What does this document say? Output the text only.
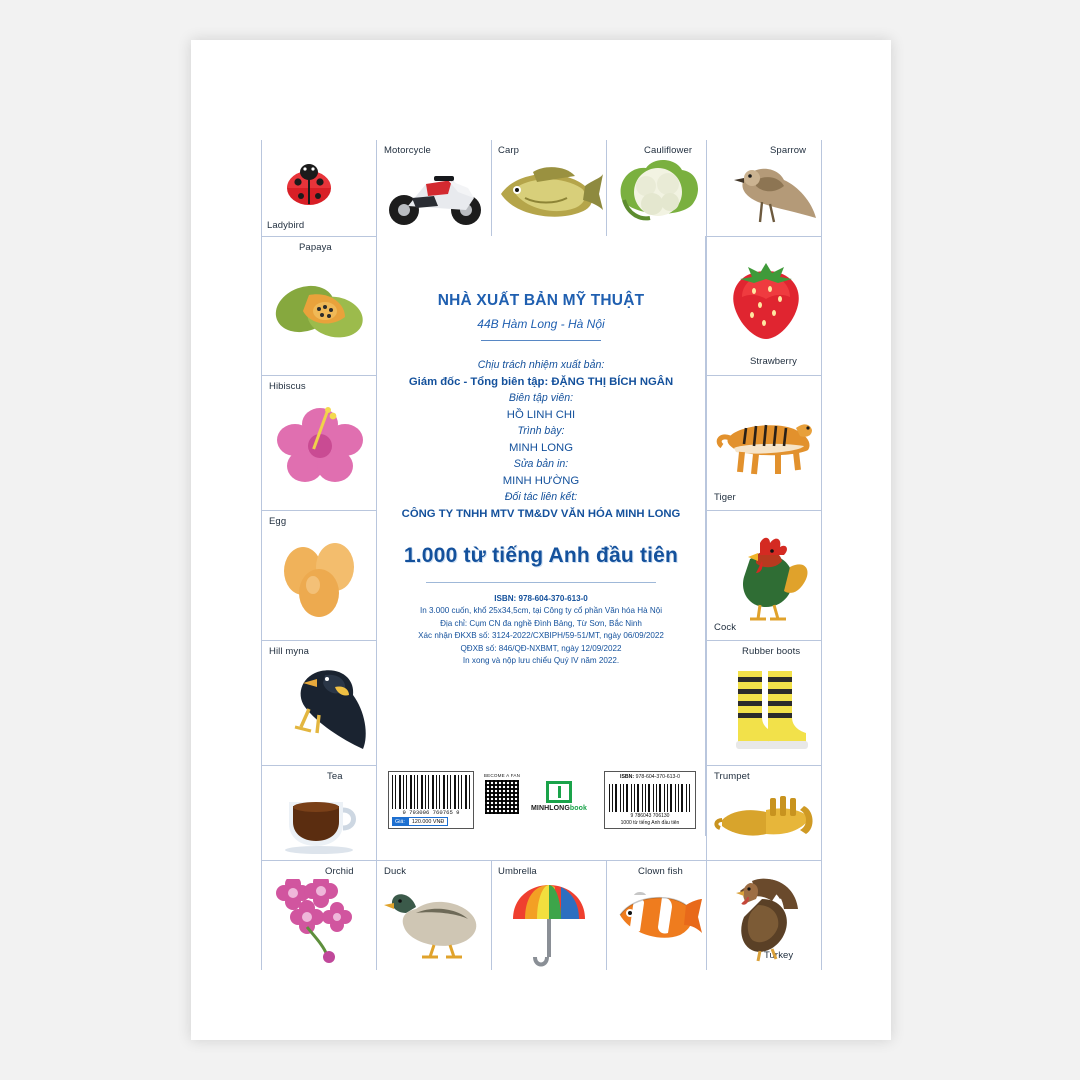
Ladybird
Motorcycle	Carp	Cauliflower	Sparrow
Papaya
Hibiscus
Egg
Hill myna
Tea
Strawberry
Tiger
Cock
Rubber boots
Trumpet
Orchid	Duck	Umbrella	Clown fish
Turkey
NHÀ XUẤT BẢN MỸ THUẬT
44B Hàm Long - Hà Nội
Chịu trách nhiệm xuất bản:
Giám đốc - Tổng biên tập: ĐẶNG THỊ BÍCH NGÂN
Biên tập viên:
HỒ LINH CHI
Trình bày:
MINH LONG
Sửa bản in:
MINH HƯỜNG
Đối tác liên kết:
CÔNG TY TNHH MTV TM&DV VĂN HÓA MINH LONG
1.000 từ tiếng Anh đầu tiên
ISBN: 978-604-370-613-0
In 3.000 cuốn, khổ 25x34,5cm, tại Công ty cổ phần Văn hóa Hà Nội
Địa chỉ: Cụm CN đa nghề Đình Bảng, Từ Sơn, Bắc Ninh
Xác nhận ĐKXB số: 3124-2022/CXBIPH/59-51/MT, ngày 06/09/2022
QĐXB số: 846/QĐ-NXBMT, ngày 12/09/2022
In xong và nộp lưu chiểu Quý IV năm 2022.
9 793006 760765 9
Giá:	120.000 VNĐ
BECOME A FAN
MINHLONGbook
ISBN: 978-604-370-613-0
9 786043 706130
1000 từ tiếng Anh đầu tiên
